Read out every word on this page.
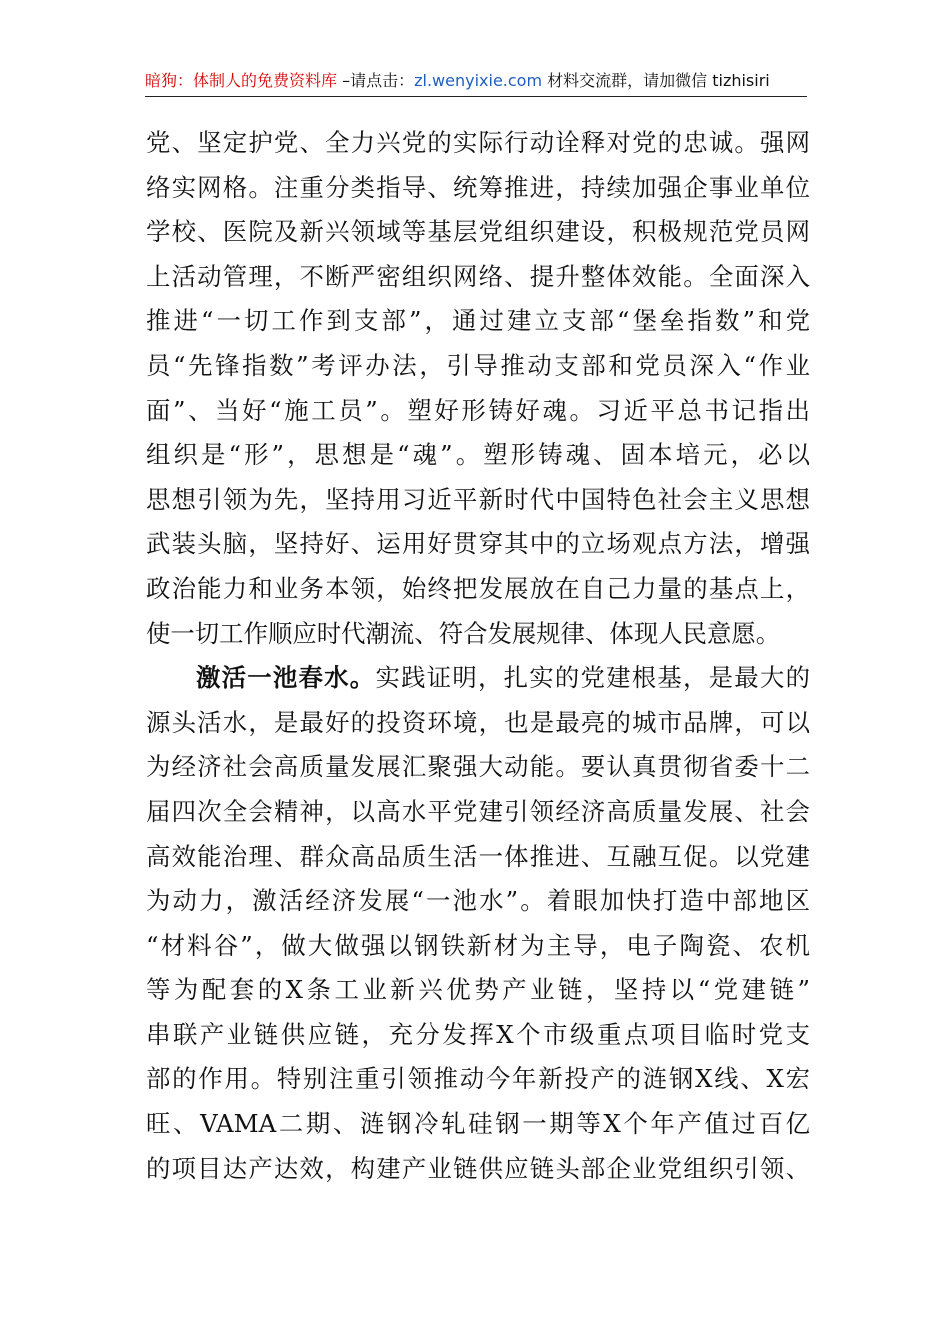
暗狗：体制人的免费资料库 –请点击：zl.wenyixie.com 材料交流群，请加微信 tizhisiri
党、坚定护党、全力兴党的实际行动诠释对党的忠诚。强网
络实网格。注重分类指导、统筹推进，持续加强企事业单位
学校、医院及新兴领域等基层党组织建设，积极规范党员网
上活动管理，不断严密组织网络、提升整体效能。全面深入
推进“一切工作到支部”，通过建立支部“堡垒指数”和党
员“先锋指数”考评办法，引导推动支部和党员深入“作业
面”、当好“施工员”。塑好形铸好魂。习近平总书记指出
组织是“形”，思想是“魂”。塑形铸魂、固本培元，必以
思想引领为先，坚持用习近平新时代中国特色社会主义思想
武装头脑，坚持好、运用好贯穿其中的立场观点方法，增强
政治能力和业务本领，始终把发展放在自己力量的基点上，
使一切工作顺应时代潮流、符合发展规律、体现人民意愿。
激活一池春水。实践证明，扎实的党建根基，是最大的
源头活水，是最好的投资环境，也是最亮的城市品牌，可以
为经济社会高质量发展汇聚强大动能。要认真贯彻省委十二
届四次全会精神，以高水平党建引领经济高质量发展、社会
高效能治理、群众高品质生活一体推进、互融互促。以党建
为动力，激活经济发展“一池水”。着眼加快打造中部地区
“材料谷”，做大做强以钢铁新材为主导，电子陶瓷、农机
等为配套的X条工业新兴优势产业链，坚持以“党建链”
串联产业链供应链，充分发挥X个市级重点项目临时党支
部的作用。特别注重引领推动今年新投产的涟钢X线、X宏
旺、VAMA二期、涟钢冷轧硅钢一期等X个年产值过百亿
的项目达产达效，构建产业链供应链头部企业党组织引领、
